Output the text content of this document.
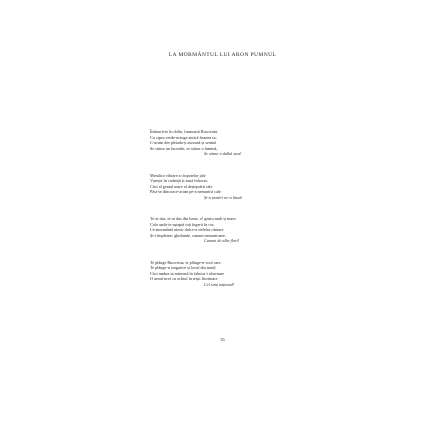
LA MORMÂNTUL LUI ARON PUMNUL
Îmbracă-te în doliu, frumoasă Bucovină,
Cu cipru verde-ncinge antică fruntea ta;
C-acum din pleiada-ți auroasă și senină
Se stinse un luceafăr, se stinse o lumină,
Se stinse o dalbă stea!
Metalica vibrare a clopotelor jale
Vuiește în cadență și sună înfiorat;
Căci al geniul mare al deșteptării tale
Păși-se dincoace-acum pe-a nemuririi cale
Și-n urmă-i ne-a lăsat!
Te-ai dus, te-ai dus din lume, o! geniu mult și mare,
Colo unde te-așteptă toți îngerii în cor,
Ce-mormântă nimic dulce-a stelelor cântare
Și-i împletesc ghirlande, cununi nemuritoare,
Cununi de albe flori!
Te plânge Bucovina, te plânge-n voce tare,
Te plânge-n singurice și locul tău natal;
Căci umbra ta mărează în falnica-i zbucnare
O urmă-ncet cu ochiul în triști lăcrimare
Cel simț național!
35
